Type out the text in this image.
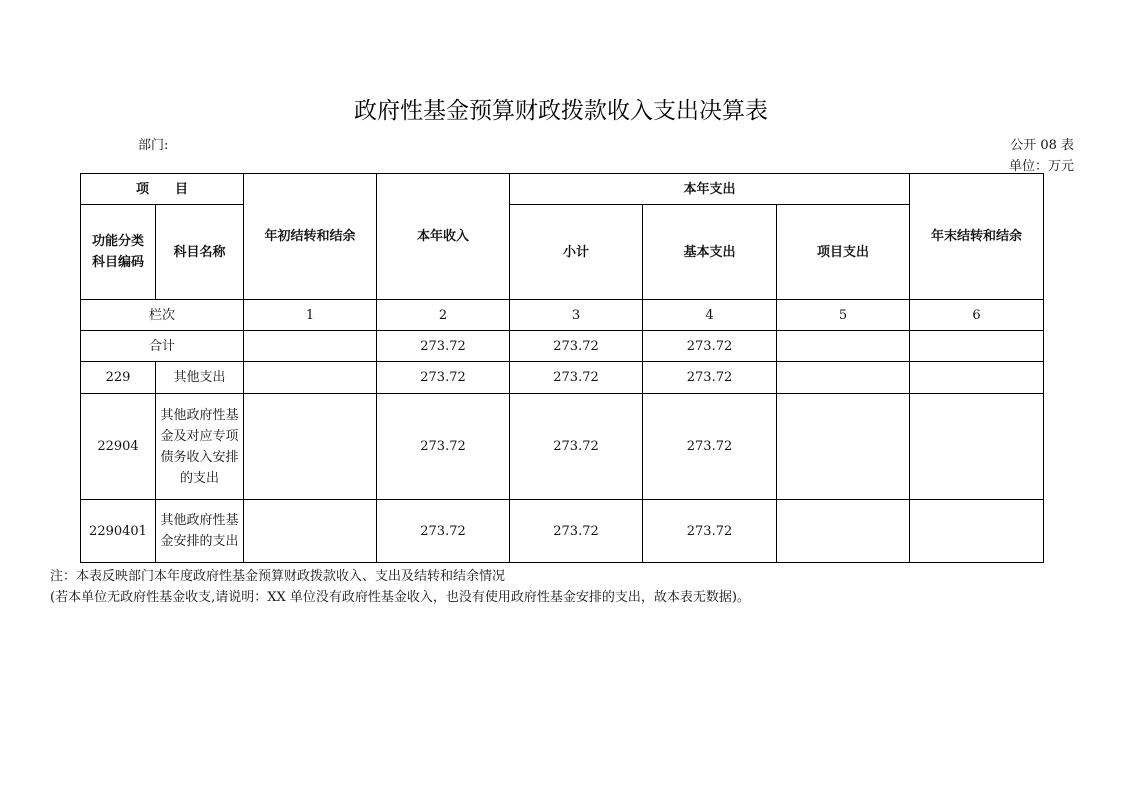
政府性基金预算财政拨款收入支出决算表
部门:	公开 08 表
单位：万元
项　　目		年初结转和结余	本年收入	本年支出			年末结转和结余
功能分类科目编码	科目名称			小计	基本支出	项目支出	
栏次		1	2	3	4	5	6
合计			273.72	273.72	273.72		
229	其他支出		273.72	273.72	273.72		
22904	其他政府性基金及对应专项债务收入安排的支出		273.72	273.72	273.72		
2290401	其他政府性基金安排的支出		273.72	273.72	273.72		
注：本表反映部门本年度政府性基金预算财政拨款收入、支出及结转和结余情况
(若本单位无政府性基金收支,请说明：XX 单位没有政府性基金收入，也没有使用政府性基金安排的支出，故本表无数据)。
